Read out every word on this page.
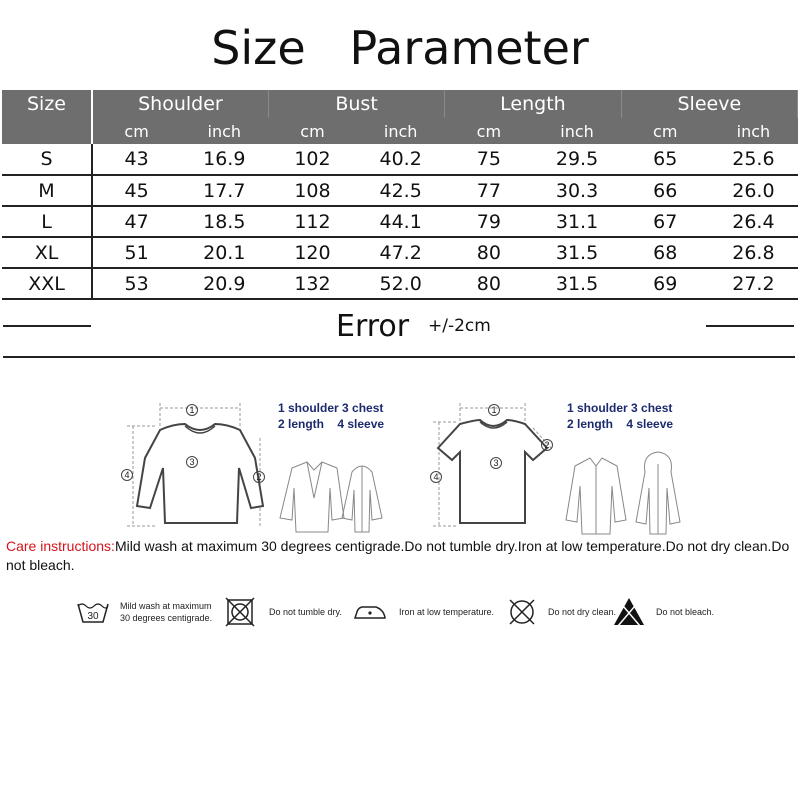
Size   Parameter
Size	Shoulder		Bust		Length		Sleeve	
	cm	inch	cm	inch	cm	inch	cm	inch
S	43	16.9	102	40.2	75	29.5	65	25.6
M	45	17.7	108	42.5	77	30.3	66	26.0
L	47	18.5	112	44.1	79	31.1	67	26.4
XL	51	20.1	120	47.2	80	31.5	68	26.8
XXL	53	20.9	132	52.0	80	31.5	69	27.2
Error +/-2cm
1 shoulder 3 chest
2 length 4 sleeve
1
2
3
4
1 shoulder 3 chest
2 length 4 sleeve
1
2
3
4
Care instructions:Mild wash at maximum 30 degrees centigrade.Do not tumble dry.Iron at low temperature.Do not dry clean.Do not bleach.
30
Mild wash at maximum
30 degrees centigrade.
Do not tumble dry.	Iron at low temperature.	Do not dry clean.	Do not bleach.
